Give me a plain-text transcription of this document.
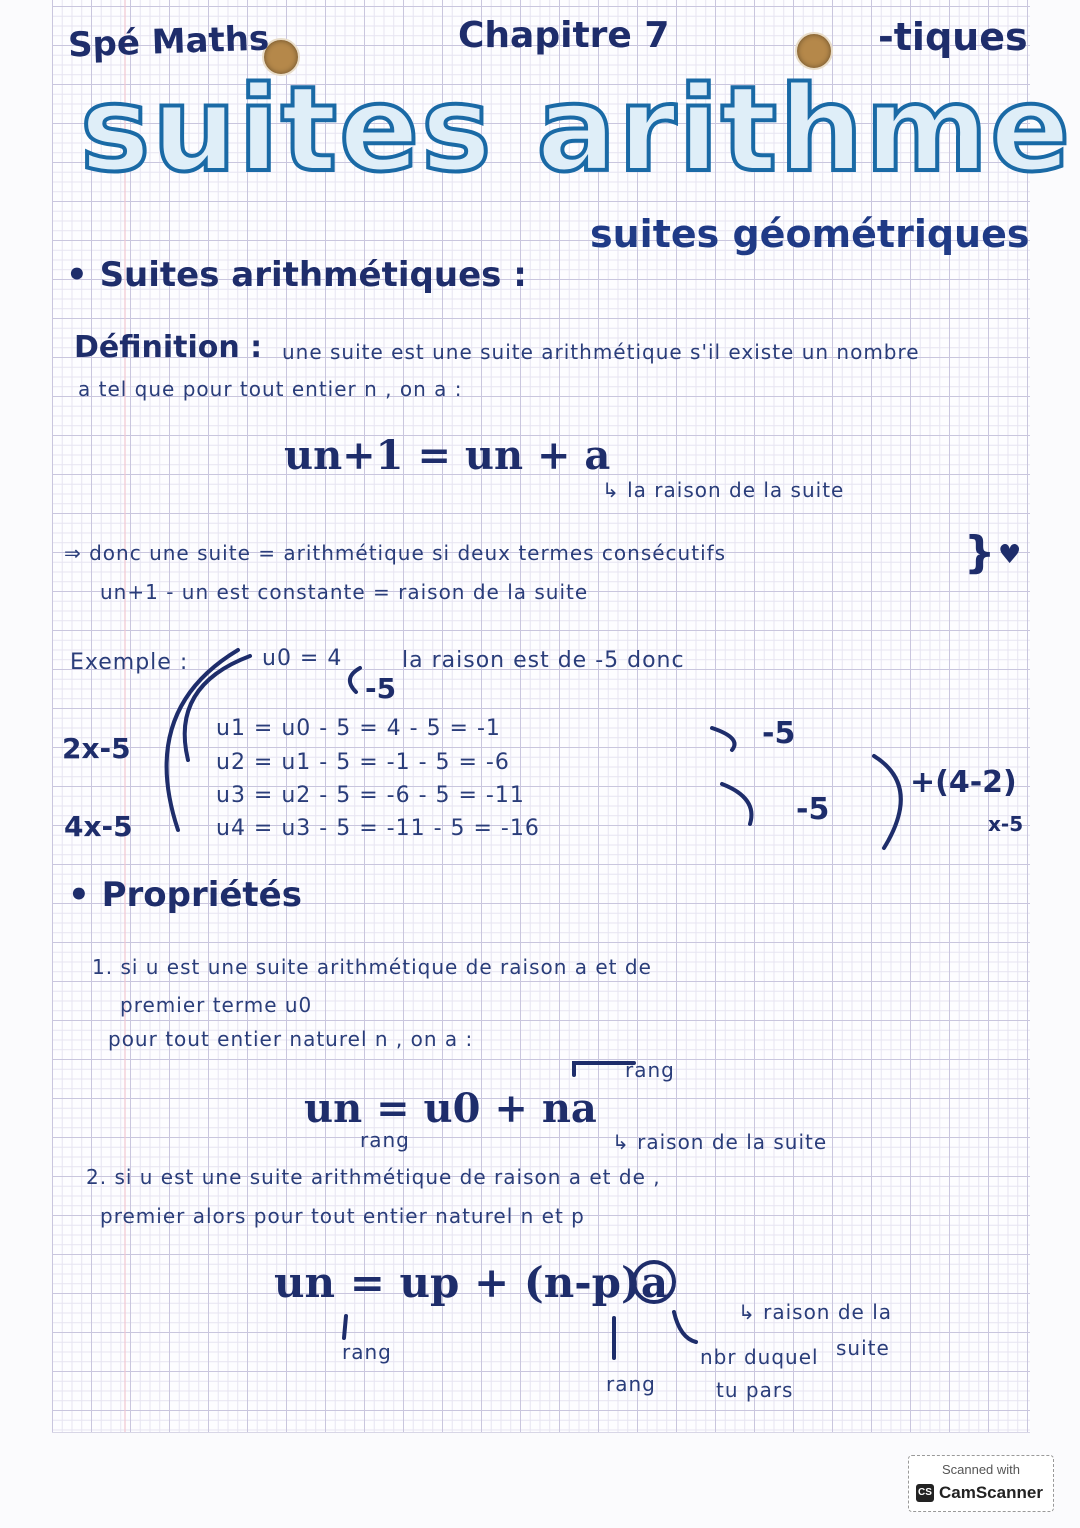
Spé Maths	Chapitre 7	-tiques
suites arithme
suites géométriques
• Suites arithmétiques :
Définition : une suite est une suite arithmétique s'il existe un nombre
a tel que pour tout entier n , on a :
un+1 = un + a
↳ la raison de la suite
⇒ donc une suite = arithmétique si deux termes consécutifs
un+1 - un est constante = raison de la suite
} ♥
Exemple :	u0 = 4	la raison est de -5 donc
-5
u1 = u0 - 5 = 4 - 5 = -1
u2 = u1 - 5 = -1 - 5 = -6
u3 = u2 - 5 = -6 - 5 = -11
u4 = u3 - 5 = -11 - 5 = -16
2x-5
4x-5
-5
-5
+(4-2)
x-5
• Propriétés
1. si u est une suite arithmétique de raison a et de
premier terme u0
pour tout entier naturel n , on a :
rang
un = u0 + na
rang	↳ raison de la suite
2. si u est une suite arithmétique de raison a et de ,
premier alors pour tout entier naturel n et p
un = up + (n-p)a
↳ raison de la
suite
rang
rang
nbr duquel
tu pars
Scanned with
CS CamScanner
